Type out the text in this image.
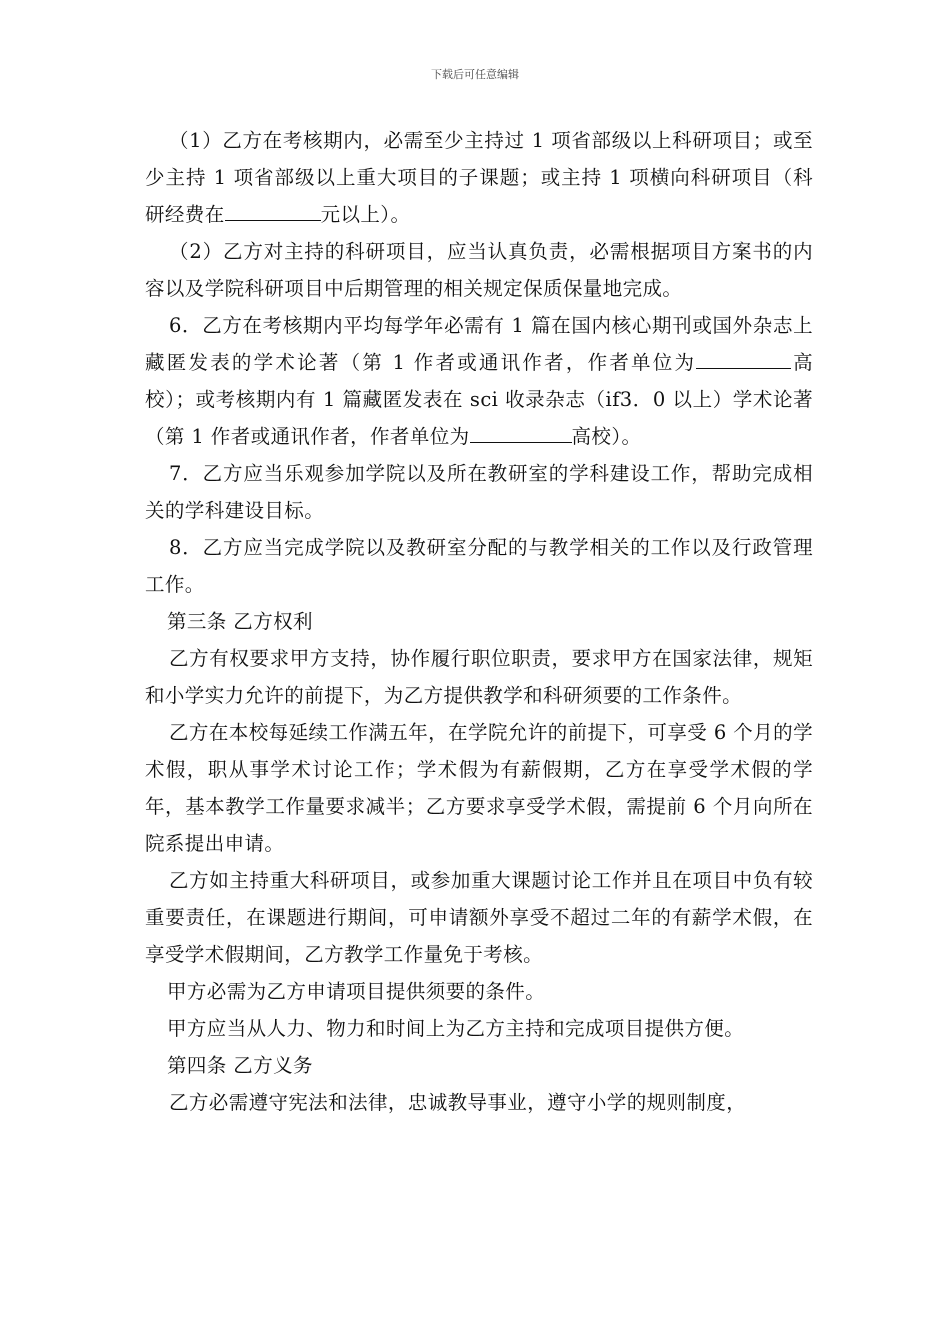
下载后可任意编辑

（1）乙方在考核期内，必需至少主持过 1 项省部级以上科研项目；或至少主持 1 项省部级以上重大项目的子课题；或主持 1 项横向科研项目（科研经费在	元以上）。

（2）乙方对主持的科研项目，应当认真负责，必需根据项目方案书的内容以及学院科研项目中后期管理的相关规定保质保量地完成。

6．乙方在考核期内平均每学年必需有 1 篇在国内核心期刊或国外杂志上藏匿发表的学术论著（第 1 作者或通讯作者，作者单位为	高校）；或考核期内有 1 篇藏匿发表在 sci 收录杂志（if3．0 以上）学术论著（第 1 作者或通讯作者，作者单位为	高校）。

7．乙方应当乐观参加学院以及所在教研室的学科建设工作，帮助完成相关的学科建设目标。

8．乙方应当完成学院以及教研室分配的与教学相关的工作以及行政管理工作。

第三条 乙方权利

乙方有权要求甲方支持，协作履行职位职责，要求甲方在国家法律，规矩和小学实力允许的前提下，为乙方提供教学和科研须要的工作条件。

乙方在本校每延续工作满五年，在学院允许的前提下，可享受 6 个月的学术假，职从事学术讨论工作；学术假为有薪假期，乙方在享受学术假的学年，基本教学工作量要求减半；乙方要求享受学术假，需提前 6 个月向所在院系提出申请。

乙方如主持重大科研项目，或参加重大课题讨论工作并且在项目中负有较重要责任，在课题进行期间，可申请额外享受不超过二年的有薪学术假，在享受学术假期间，乙方教学工作量免于考核。

甲方必需为乙方申请项目提供须要的条件。

甲方应当从人力、物力和时间上为乙方主持和完成项目提供方便。

第四条 乙方义务

乙方必需遵守宪法和法律，忠诚教导事业，遵守小学的规则制度，
